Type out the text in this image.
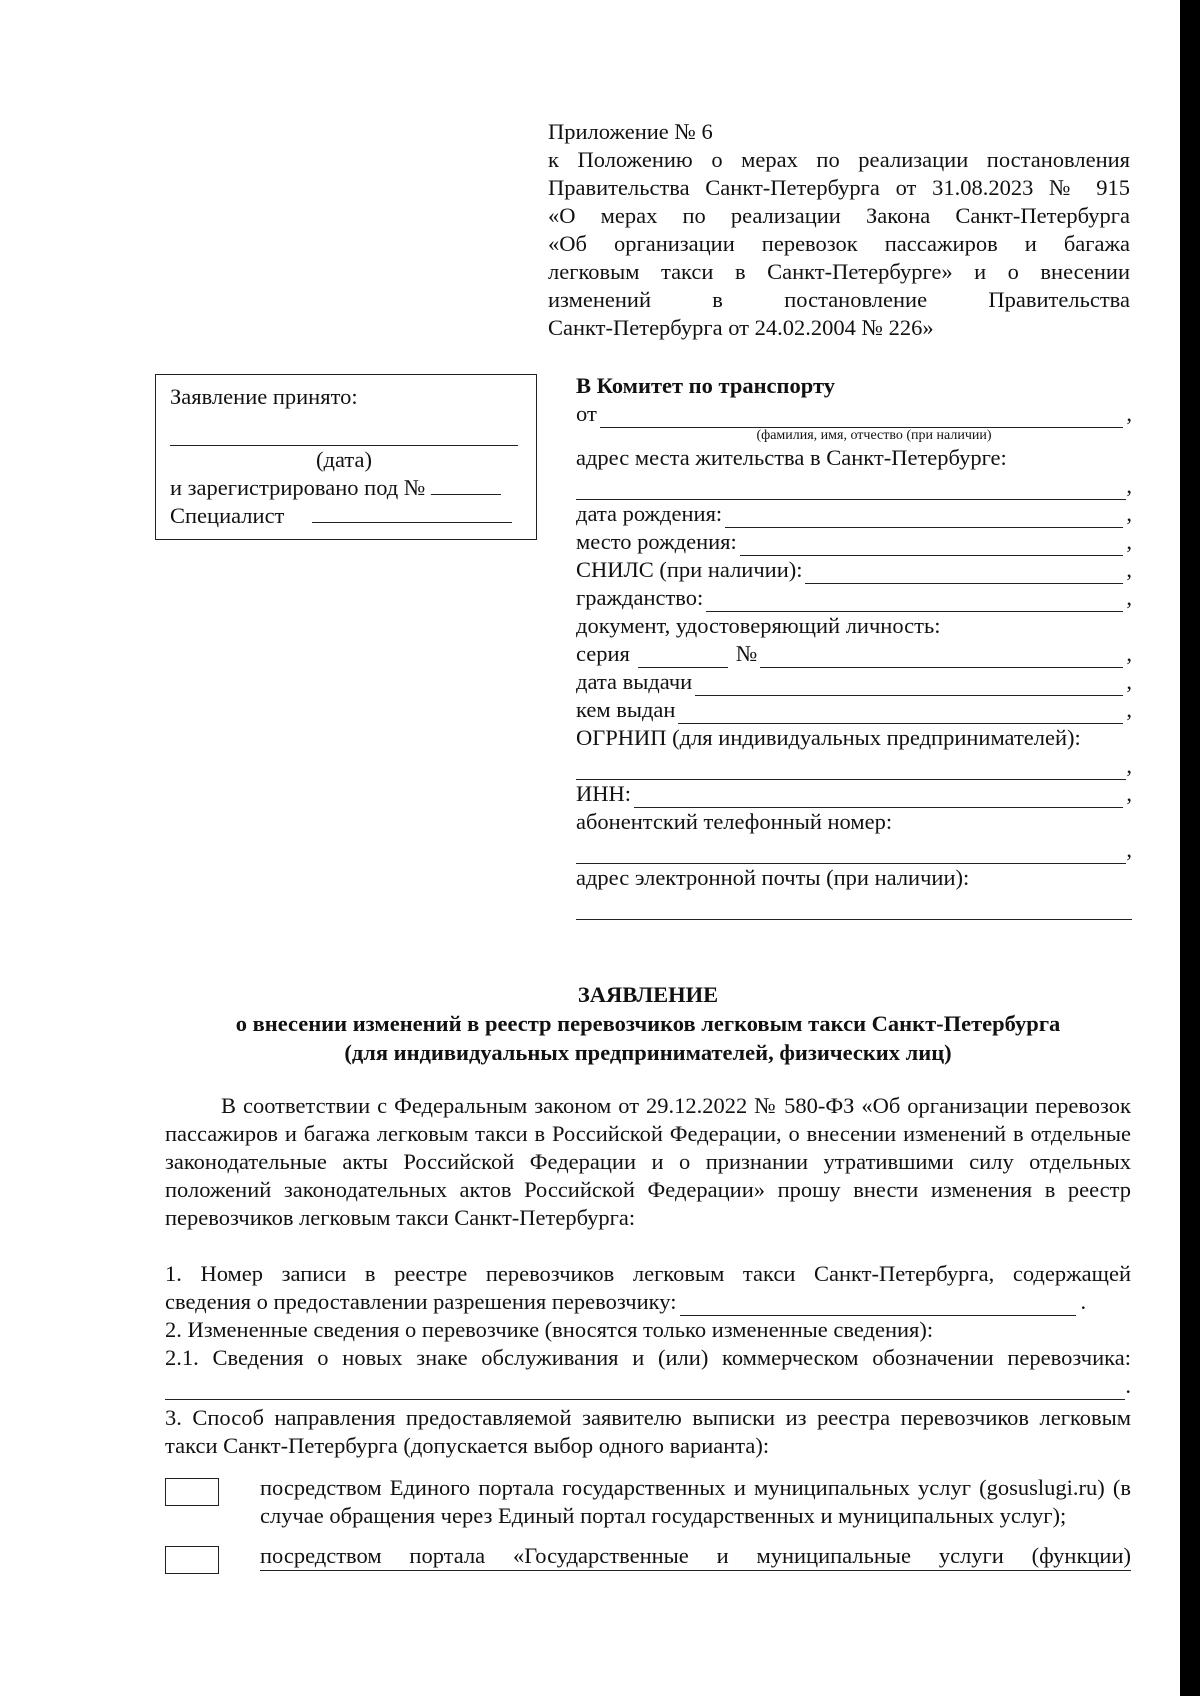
Приложение № 6
к Положению о мерах по реализации постановления
Правительства Санкт-Петербурга от 31.08.2023 № 915
«О мерах по реализации Закона Санкт-Петербурга
«Об организации перевозок пассажиров и багажа
легковым такси в Санкт-Петербурге» и о внесении
изменений в постановление Правительства
Санкт-Петербурга от 24.02.2004 № 226»
Заявление принято:
(дата)
и зарегистрировано под №
Специалист
В Комитет по транспорту
от	,
(фамилия, имя, отчество (при наличии)
адрес места жительства в Санкт-Петербурге:
,
дата рождения:	,
место рождения:	,
СНИЛС (при наличии):	,
гражданство:	,
документ, удостоверяющий личность:
серия	№	,
дата выдачи	,
кем выдан	,
ОГРНИП (для индивидуальных предпринимателей):
,
ИНН:	,
абонентский телефонный номер:
,
адрес электронной почты (при наличии):
ЗАЯВЛЕНИЕ
о внесении изменений в реестр перевозчиков легковым такси Санкт-Петербурга
(для индивидуальных предпринимателей, физических лиц)

В соответствии с Федеральным законом от 29.12.2022 № 580-ФЗ «Об организации перевозок пассажиров и багажа легковым такси в Российской Федерации, о внесении изменений в отдельные законодательные акты Российской Федерации и о признании утратившими силу отдельных положений законодательных актов Российской Федерации» прошу внести изменения в реестр перевозчиков легковым такси Санкт-Петербурга:

1. Номер записи в реестре перевозчиков легковым такси Санкт-Петербурга, содержащей

сведения о предоставлении разрешения перевозчику:	.

2. Измененные сведения о перевозчике (вносятся только измененные сведения):

2.1. Сведения о новых знаке обслуживания и (или) коммерческом обозначении перевозчика:

.

3. Способ направления предоставляемой заявителю выписки из реестра перевозчиков легковым такси Санкт-Петербурга (допускается выбор одного варианта):

посредством Единого портала государственных и муниципальных услуг (gosuslugi.ru) (в случае обращения через Единый портал государственных и муниципальных услуг);

посредством портала «Государственные и муниципальные услуги (функции)
